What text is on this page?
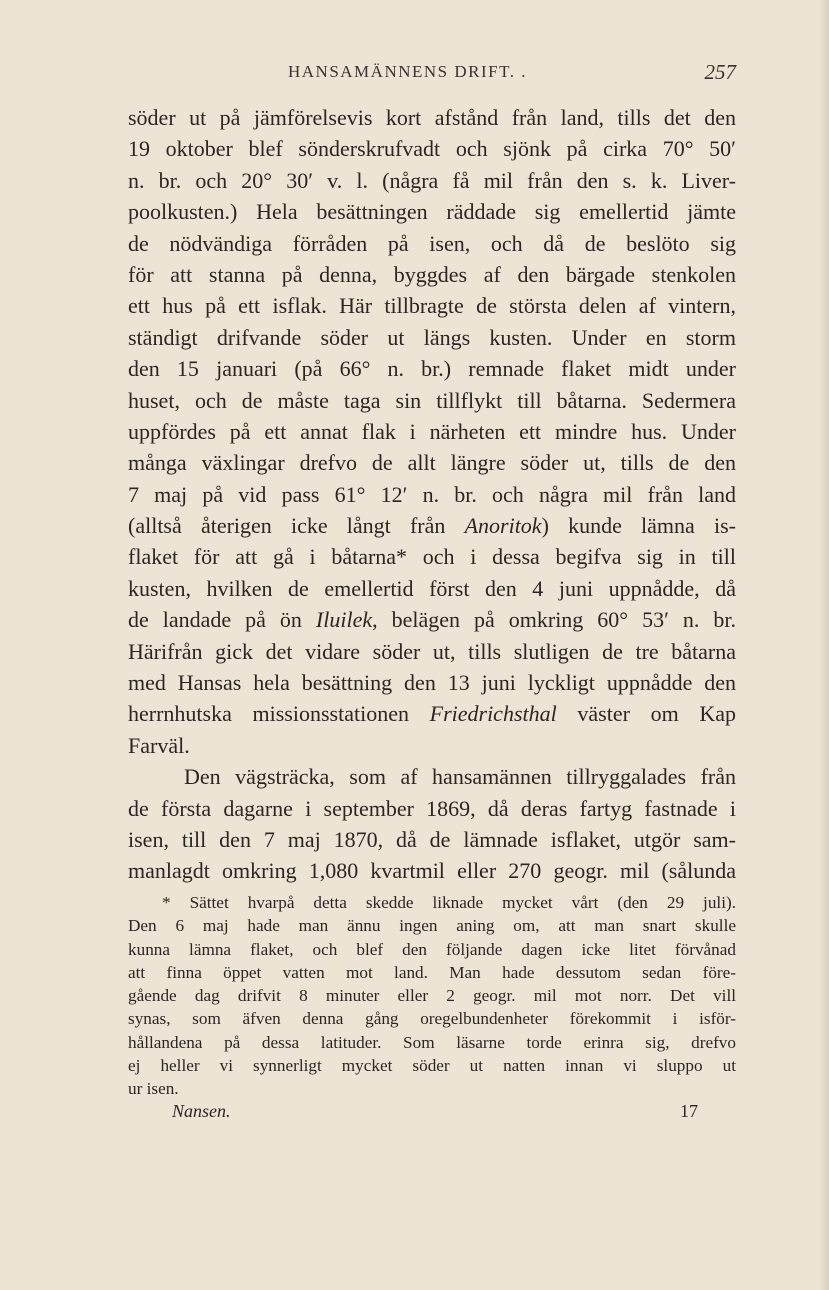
HANSAMÄNNENS DRIFT. .	257
söder ut på jämförelsevis kort afstånd från land, tills det den
19 oktober blef sönderskrufvadt och sjönk på cirka 70° 50′
n. br. och 20° 30′ v. l. (några få mil från den s. k. Liver-
poolkusten.) Hela besättningen räddade sig emellertid jämte
de nödvändiga förråden på isen, och då de beslöto sig
för att stanna på denna, byggdes af den bärgade stenkolen
ett hus på ett isflak. Här tillbragte de största delen af vintern,
ständigt drifvande söder ut längs kusten. Under en storm
den 15 januari (på 66° n. br.) remnade flaket midt under
huset, och de måste taga sin tillflykt till båtarna. Sedermera
uppfördes på ett annat flak i närheten ett mindre hus. Under
många växlingar drefvo de allt längre söder ut, tills de den
7 maj på vid pass 61° 12′ n. br. och några mil från land
(alltså återigen icke långt från Anoritok) kunde lämna is-
flaket för att gå i båtarna* och i dessa begifva sig in till
kusten, hvilken de emellertid först den 4 juni uppnådde, då
de landade på ön Iluilek, belägen på omkring 60° 53′ n. br.
Härifrån gick det vidare söder ut, tills slutligen de tre båtarna
med Hansas hela besättning den 13 juni lyckligt uppnådde den
herrnhutska missionsstationen Friedrichsthal väster om Kap
Farväl.
Den vägsträcka, som af hansamännen tillryggalades från
de första dagarne i september 1869, då deras fartyg fastnade i
isen, till den 7 maj 1870, då de lämnade isflaket, utgör sam-
manlagdt omkring 1,080 kvartmil eller 270 geogr. mil (sålunda
* Sättet hvarpå detta skedde liknade mycket vårt (den 29 juli).
Den 6 maj hade man ännu ingen aning om, att man snart skulle
kunna lämna flaket, och blef den följande dagen icke litet förvånad
att finna öppet vatten mot land. Man hade dessutom sedan före-
gående dag drifvit 8 minuter eller 2 geogr. mil mot norr. Det vill
synas, som äfven denna gång oregelbundenheter förekommit i isför-
hållandena på dessa latituder. Som läsarne torde erinra sig, drefvo
ej heller vi synnerligt mycket söder ut natten innan vi sluppo ut
ur isen.
Nansen.	17
